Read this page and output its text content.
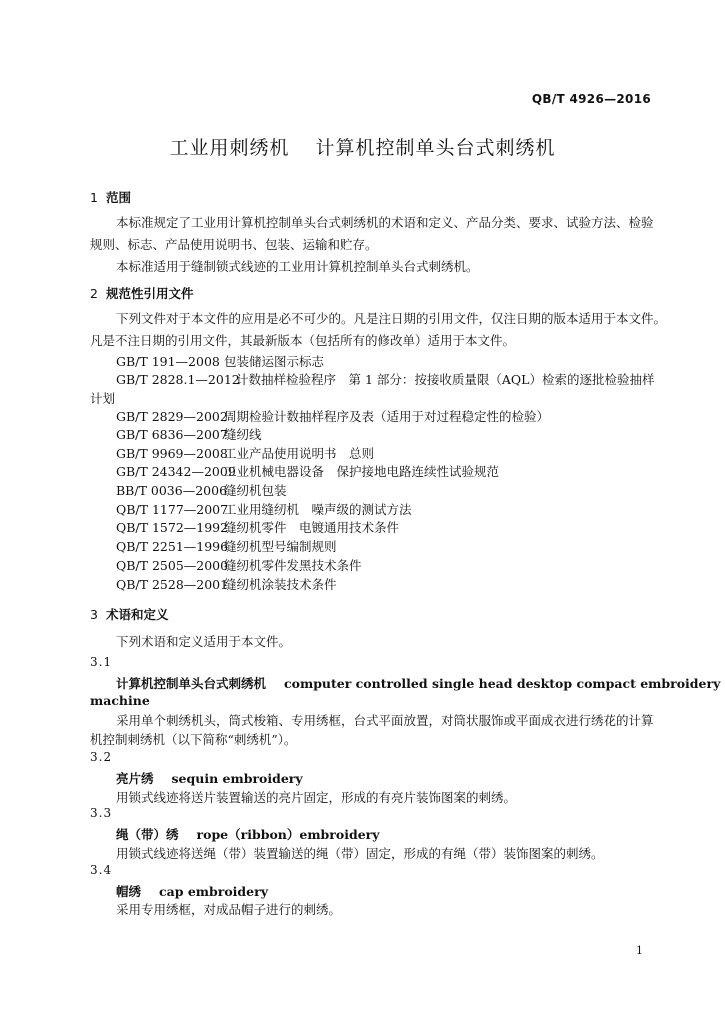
QB/T 4926—2016
工业用刺绣机 计算机控制单头台式刺绣机
1 范围
本标准规定了工业用计算机控制单头台式刺绣机的术语和定义、产品分类、要求、试验方法、检验
规则、标志、产品使用说明书、包装、运输和贮存。
本标准适用于缝制锁式线迹的工业用计算机控制单头台式刺绣机。
2 规范性引用文件
下列文件对于本文件的应用是必不可少的。凡是注日期的引用文件，仅注日期的版本适用于本文件。
凡是不注日期的引用文件，其最新版本（包括所有的修改单）适用于本文件。
GB/T 191—2008 包装储运图示标志
GB/T 2828.1—2012计数抽样检验程序　第 1 部分：按接收质量限（AQL）检索的逐批检验抽样
计划
GB/T 2829—2002周期检验计数抽样程序及表（适用于对过程稳定性的检验）
GB/T 6836—2007缝纫线
GB/T 9969—2008工业产品使用说明书　总则
GB/T 24342—2009工业机械电器设备　保护接地电路连续性试验规范
BB/T 0036—2006缝纫机包装
QB/T 1177—2007工业用缝纫机　噪声级的测试方法
QB/T 1572—1992缝纫机零件　电镀通用技术条件
QB/T 2251—1996缝纫机型号编制规则
QB/T 2505—2000缝纫机零件发黑技术条件
QB/T 2528—2001缝纫机涂装技术条件
3 术语和定义
下列术语和定义适用于本文件。
3.1
计算机控制单头台式刺绣机 computer controlled single head desktop compact embroidery
machine
采用单个刺绣机头，筒式梭箱、专用绣框，台式平面放置，对筒状服饰或平面成衣进行绣花的计算
机控制刺绣机（以下简称“刺绣机”）。
3.2
亮片绣 sequin embroidery
用锁式线迹将送片装置输送的亮片固定，形成的有亮片装饰图案的刺绣。
3.3
绳（带）绣 rope（ribbon）embroidery
用锁式线迹将送绳（带）装置输送的绳（带）固定，形成的有绳（带）装饰图案的刺绣。
3.4
帽绣 cap embroidery
采用专用绣框，对成品帽子进行的刺绣。
1
